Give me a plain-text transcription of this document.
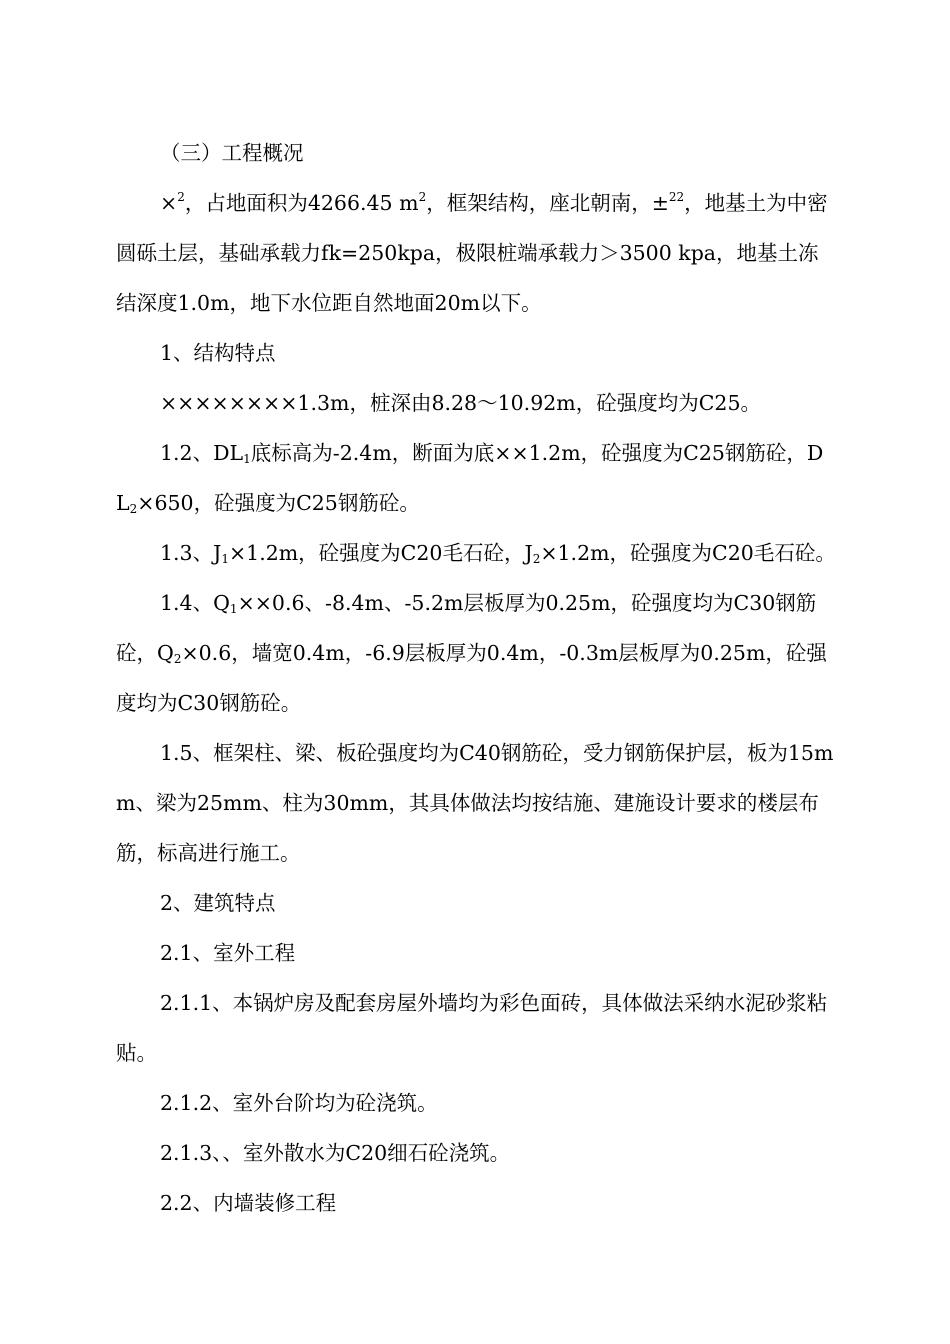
（三）工程概况

×$^2$，占地面积为4266.45 $m^2$，框架结构，座北朝南，±$^{22}$，地基土为中密圆砾土层，基础承载力fk=250kpa，极限桩端承载力＞3500 kpa，地基土冻结深度1.0m，地下水位距自然地面20m以下。

1、结构特点

××××××××1.3m，桩深由8.28～10.92m，砼强度均为C25。

1.2、$DL_1$底标高为-2.4m，断面为底××1.2m，砼强度为C25钢筋砼，$DL_2\times 650$，砼强度为C25钢筋砼。

1.3、$J_1\times 1.2m$，砼强度为C20毛石砼，$J_2\times 1.2m$，砼强度为C20毛石砼。

1.4、$Q_1\times\times 0.6$、-8.4m、-5.2m层板厚为0.25m，砼强度均为C30钢筋砼，$Q_2\times 0.6$，墙宽0.4m，-6.9层板厚为0.4m，-0.3m层板厚为0.25m，砼强度均为C30钢筋砼。

1.5、框架柱、梁、板砼强度均为C40钢筋砼，受力钢筋保护层，板为15mm、梁为25mm、柱为30mm，其具体做法均按结施、建施设计要求的楼层布筋，标高进行施工。

2、建筑特点

2.1、室外工程

2.1.1、本锅炉房及配套房屋外墙均为彩色面砖，具体做法采纳水泥砂浆粘贴。

2.1.2、室外台阶均为砼浇筑。

2.1.3、、室外散水为C20细石砼浇筑。

2.2、内墙装修工程
